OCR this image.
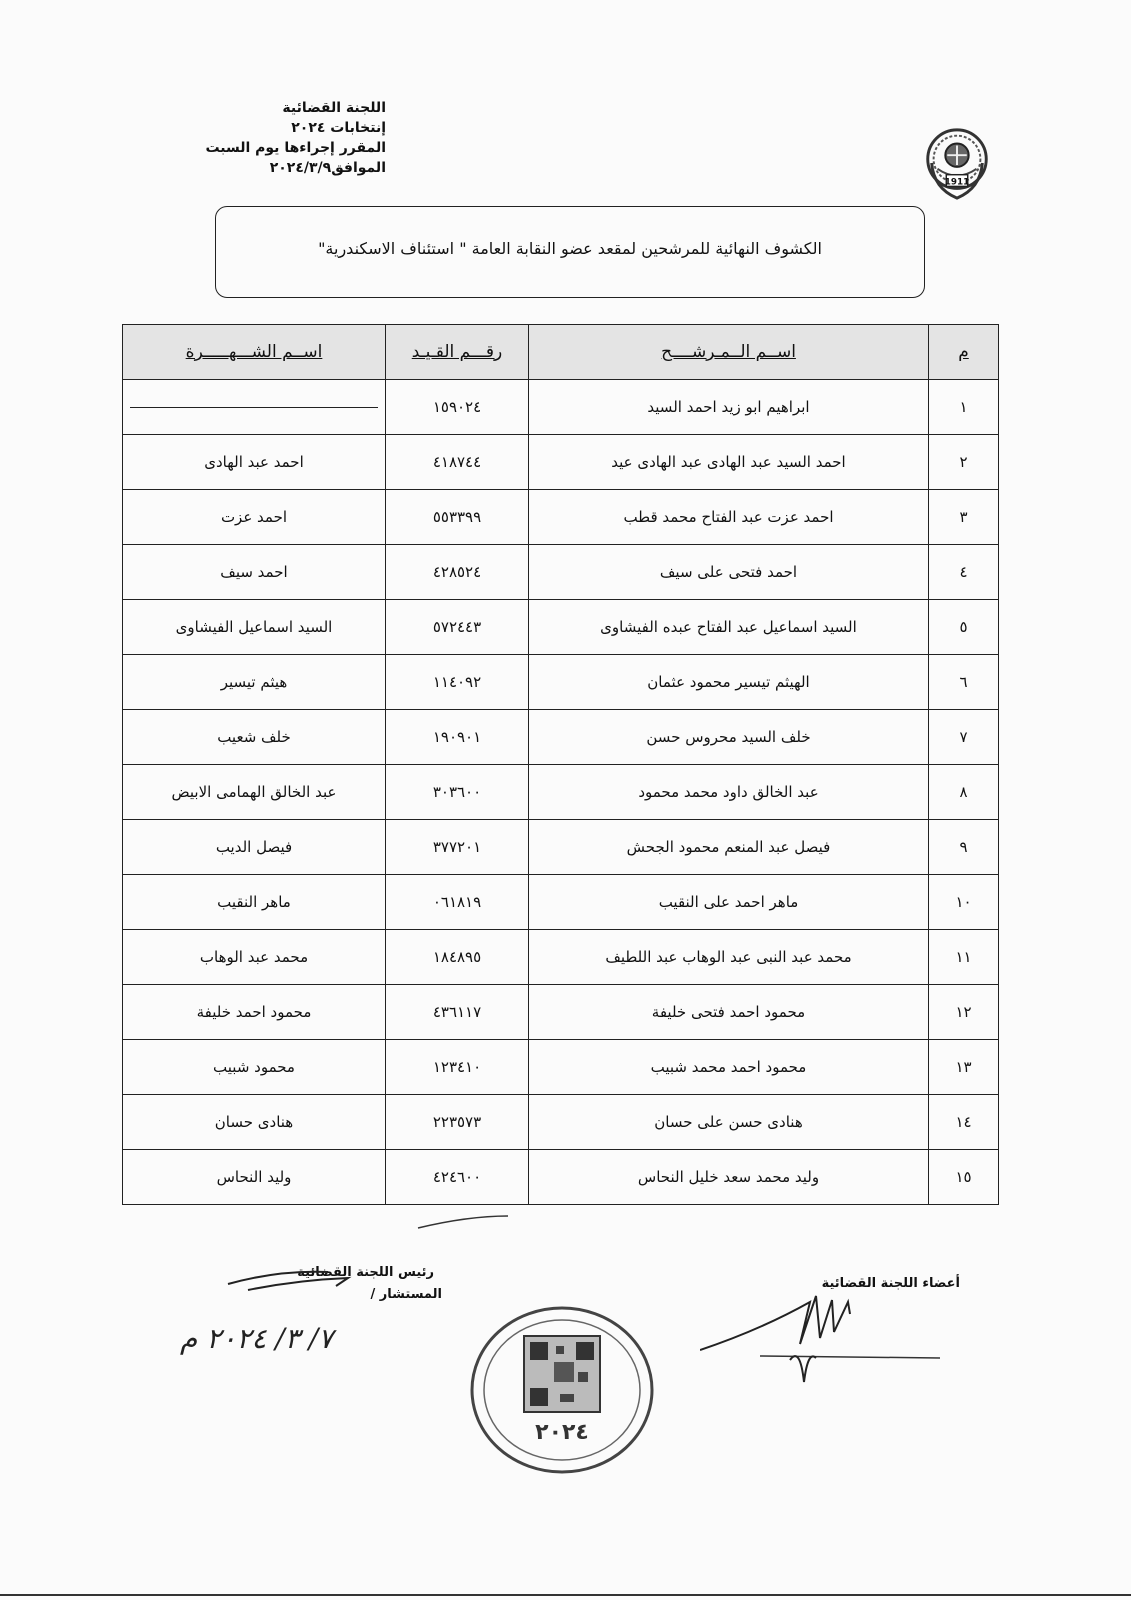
اللجنة القضائية
إنتخابات ٢٠٢٤
المقرر إجراءها يوم السبت
الموافق٢٠٢٤/٣/٩
1911
الكشوف النهائية للمرشحين لمقعد عضو النقابة العامة " استئناف الاسكندرية"
م	اســم الــمـرشــــح	رقـــم القـيـد	اســم الشـــهـــــرة
١	ابراهيم ابو زيد احمد السيد	١٥٩٠٢٤	

٢	احمد السيد عبد الهادى عبد الهادى عيد	٤١٨٧٤٤	احمد عبد الهادى
٣	احمد عزت عبد الفتاح محمد قطب	٥٥٣٣٩٩	احمد عزت
٤	احمد فتحى على سيف	٤٢٨٥٢٤	احمد سيف
٥	السيد اسماعيل عبد الفتاح عبده الفيشاوى	٥٧٢٤٤٣	السيد اسماعيل الفيشاوى
٦	الهيثم تيسير محمود عثمان	١١٤٠٩٢	هيثم تيسير
٧	خلف السيد محروس حسن	١٩٠٩٠١	خلف شعيب
٨	عبد الخالق داود محمد محمود	٣٠٣٦٠٠	عبد الخالق الهمامى الابيض
٩	فيصل عبد المنعم محمود الجحش	٣٧٧٢٠١	فيصل الديب
١٠	ماهر احمد على النقيب	٠٦١٨١٩	ماهر النقيب
١١	محمد عبد النبى عبد الوهاب عبد اللطيف	١٨٤٨٩٥	محمد عبد الوهاب
١٢	محمود احمد فتحى خليفة	٤٣٦١١٧	محمود احمد خليفة
١٣	محمود احمد محمد شبيب	١٢٣٤١٠	محمود شبيب
١٤	هنادى حسن على حسان	٢٢٣٥٧٣	هنادى حسان
١٥	وليد محمد سعد خليل النحاس	٤٢٤٦٠٠	وليد النحاس
رئيس اللجنة القضائية
المستشار /
٧/ ٣/ ٢٠٢٤ م
أعضاء اللجنة القضائية
٢٠٢٤
